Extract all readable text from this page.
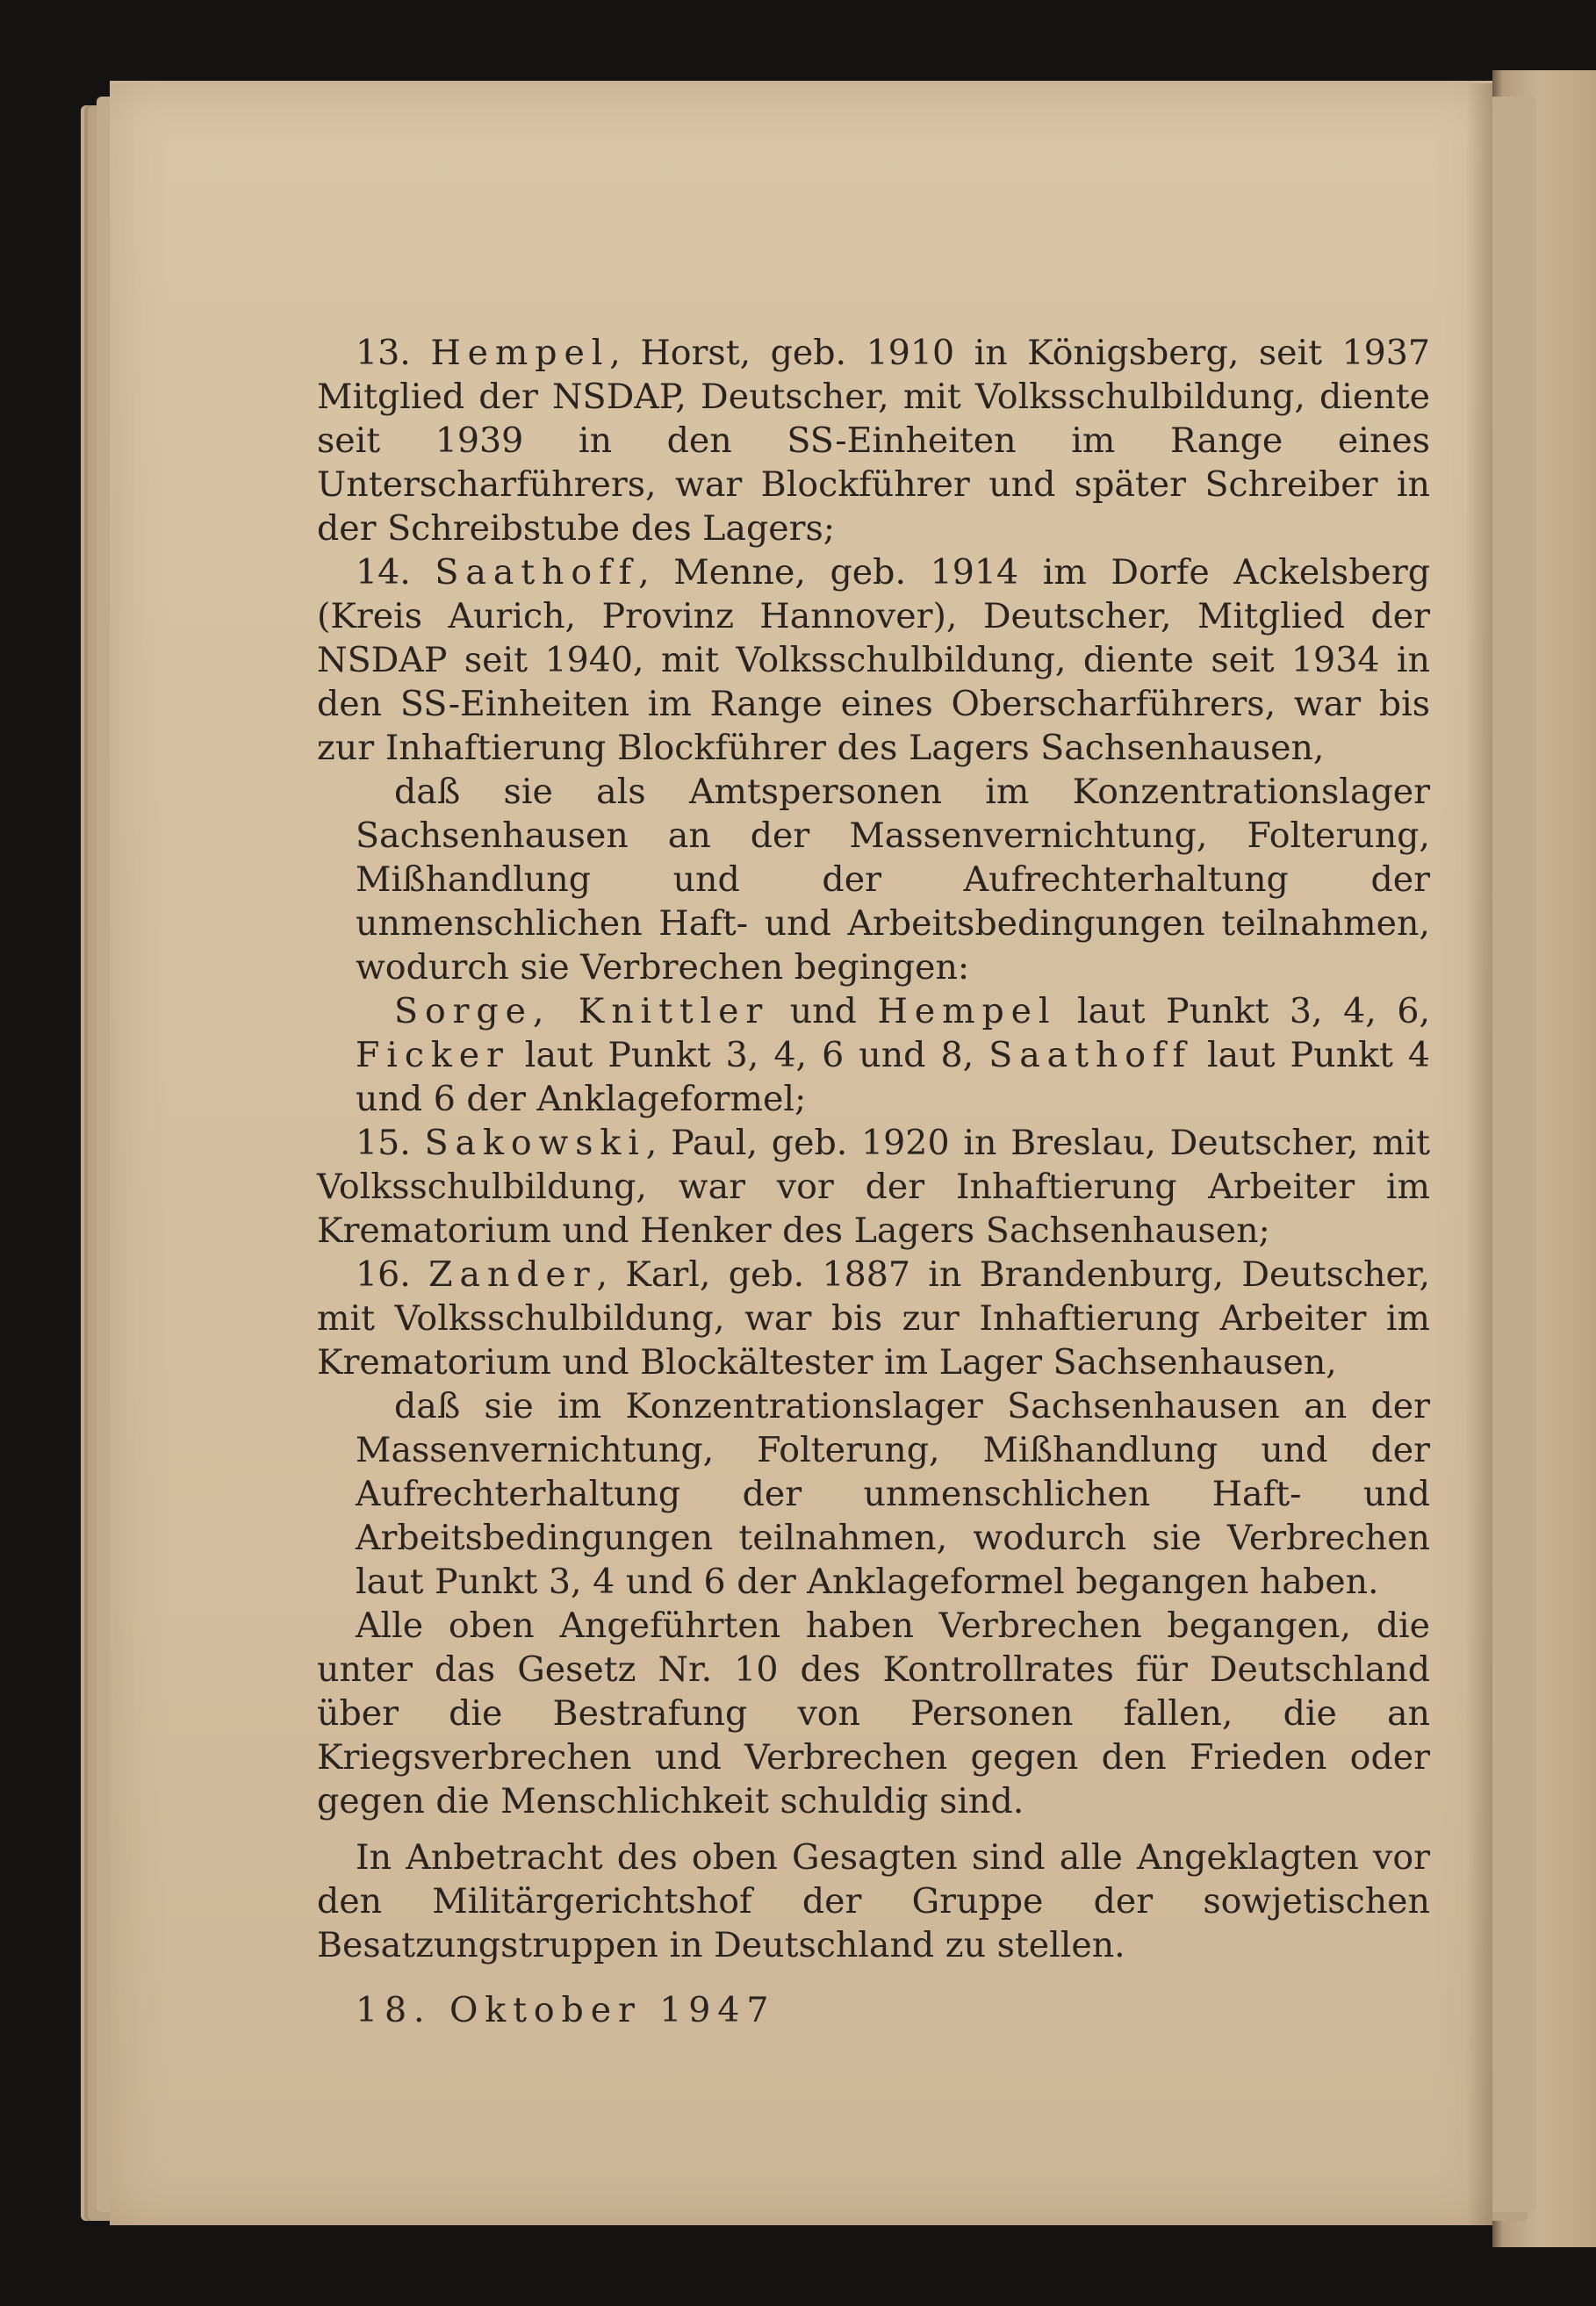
13. Hempel, Horst, geb. 1910 in Königsberg, seit 1937 Mitglied der NSDAP, Deutscher, mit Volksschulbildung, diente seit 1939 in den SS-Einheiten im Range eines Unterscharführers, war Blockführer und später Schreiber in der Schreibstube des Lagers;

14. Saathoff, Menne, geb. 1914 im Dorfe Ackelsberg (Kreis Aurich, Provinz Hannover), Deutscher, Mitglied der NSDAP seit 1940, mit Volksschulbildung, diente seit 1934 in den SS-Einheiten im Range eines Oberscharführers, war bis zur Inhaftierung Blockführer des Lagers Sachsenhausen,

daß sie als Amtspersonen im Konzentrationslager Sachsenhausen an der Massenvernichtung, Folterung, Mißhandlung und der Aufrechterhaltung der unmenschlichen Haft- und Arbeitsbedingungen teilnahmen, wodurch sie Verbrechen begingen:

Sorge, Knittler und Hempel laut Punkt 3, 4, 6, Ficker laut Punkt 3, 4, 6 und 8, Saathoff laut Punkt 4 und 6 der Anklageformel;

15. Sakowski, Paul, geb. 1920 in Breslau, Deutscher, mit Volksschulbildung, war vor der Inhaftierung Arbeiter im Krematorium und Henker des Lagers Sachsenhausen;

16. Zander, Karl, geb. 1887 in Brandenburg, Deutscher, mit Volksschulbildung, war bis zur Inhaftierung Arbeiter im Krematorium und Blockältester im Lager Sachsenhausen,

daß sie im Konzentrationslager Sachsenhausen an der Massenvernichtung, Folterung, Mißhandlung und der Aufrechterhaltung der unmenschlichen Haft- und Arbeitsbedingungen teilnahmen, wodurch sie Verbrechen laut Punkt 3, 4 und 6 der Anklageformel begangen haben.

Alle oben Angeführten haben Verbrechen begangen, die unter das Gesetz Nr. 10 des Kontrollrates für Deutschland über die Bestrafung von Personen fallen, die an Kriegsverbrechen und Verbrechen gegen den Frieden oder gegen die Menschlichkeit schuldig sind.

In Anbetracht des oben Gesagten sind alle Angeklagten vor den Militärgerichtshof der Gruppe der sowjetischen Besatzungstruppen in Deutschland zu stellen.

18. Oktober 1947
